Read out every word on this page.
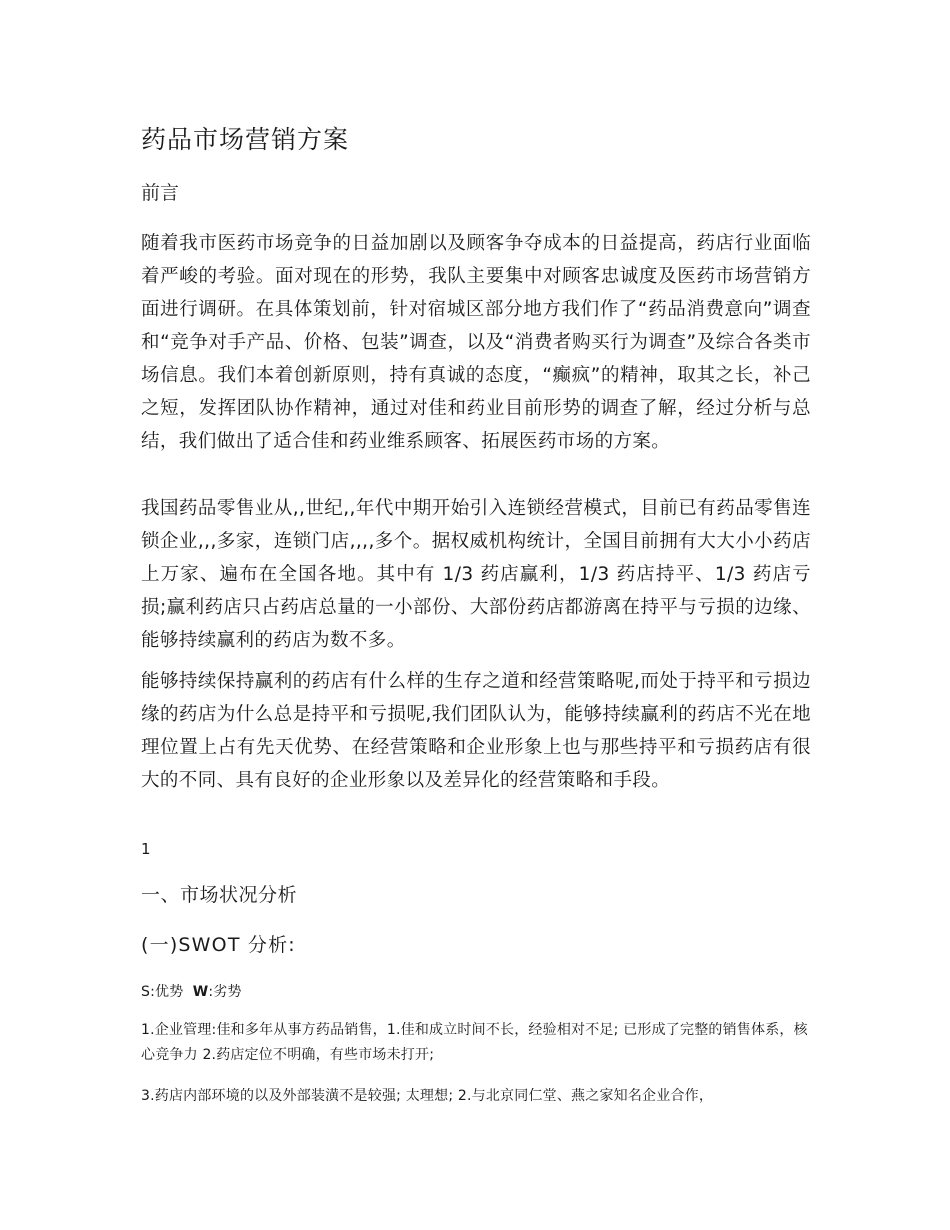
药品市场营销方案
前言

随着我市医药市场竞争的日益加剧以及顾客争夺成本的日益提高，药店行业面临着严峻的考验。面对现在的形势，我队主要集中对顾客忠诚度及医药市场营销方面进行调研。在具体策划前，针对宿城区部分地方我们作了“药品消费意向”调查和“竞争对手产品、价格、包装”调查，以及“消费者购买行为调查”及综合各类市场信息。我们本着创新原则，持有真诚的态度，“癫疯”的精神，取其之长，补己之短，发挥团队协作精神，通过对佳和药业目前形势的调查了解，经过分析与总结，我们做出了适合佳和药业维系顾客、拓展医药市场的方案。

我国药品零售业从,,世纪,,年代中期开始引入连锁经营模式，目前已有药品零售连锁企业,,,多家，连锁门店,,,,多个。据权威机构统计，全国目前拥有大大小小药店上万家、遍布在全国各地。其中有 1/3 药店赢利，1/3 药店持平、1/3 药店亏损;赢利药店只占药店总量的一小部份、大部份药店都游离在持平与亏损的边缘、能够持续赢利的药店为数不多。

能够持续保持赢利的药店有什么样的生存之道和经营策略呢,而处于持平和亏损边缘的药店为什么总是持平和亏损呢,我们团队认为，能够持续赢利的药店不光在地理位置上占有先天优势、在经营策略和企业形象上也与那些持平和亏损药店有很大的不同、具有良好的企业形象以及差异化的经营策略和手段。

1

一、市场状况分析
(一)SWOT 分析:

S:优势 W:劣势

1.企业管理:佳和多年从事方药品销售，1.佳和成立时间不长，经验相对不足; 已形成了完整的销售体系，核心竞争力 2.药店定位不明确，有些市场未打开;

3.药店内部环境的以及外部装潢不是较强; 太理想; 2.与北京同仁堂、燕之家知名企业合作，
